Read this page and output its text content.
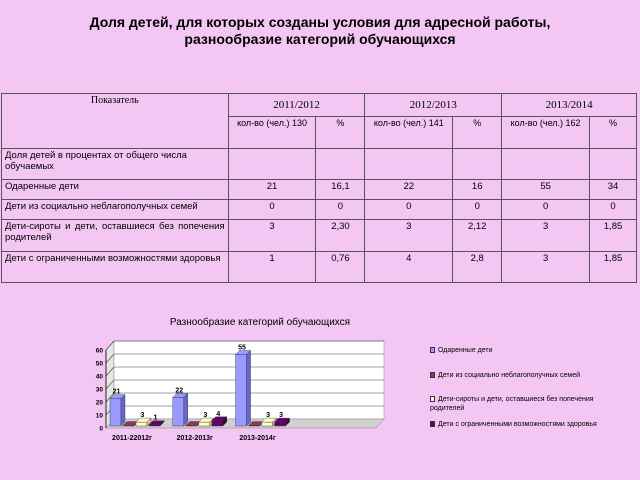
Доля детей, для которых созданы условия для адресной работы,
разнообразие категорий обучающихся
Показатель	2011/2012		2012/2013		2013/2014	
	кол-во (чел.) 130	%	кол-во (чел.) 141	%	кол-во (чел.) 162	%
Доля детей в процентах от общего числа обучаемых						
Одаренные дети	21	16,1	22	16	55	34
Дети из социально неблагополучных семей	0	0	0	0	0	0
Дети-сироты и дети, оставшиеся без попечения родителей	3	2,30	3	2,12	3	1,85
Дети с ограниченными возможностями здоровья	1	0,76	4	2,8	3	1,85
Разнообразие категорий обучающихся
0
10
20
30
40
50
60
21
3 1
2011-22012г
22
3 4
2012-2013г
55
3 3
2013-2014г
Одаренные дети
Дети из социально неблагополучных семей
Дети-сироты и дети, оставшиеся без попечения родителей
Дети с ограниченными возможностями здоровья
